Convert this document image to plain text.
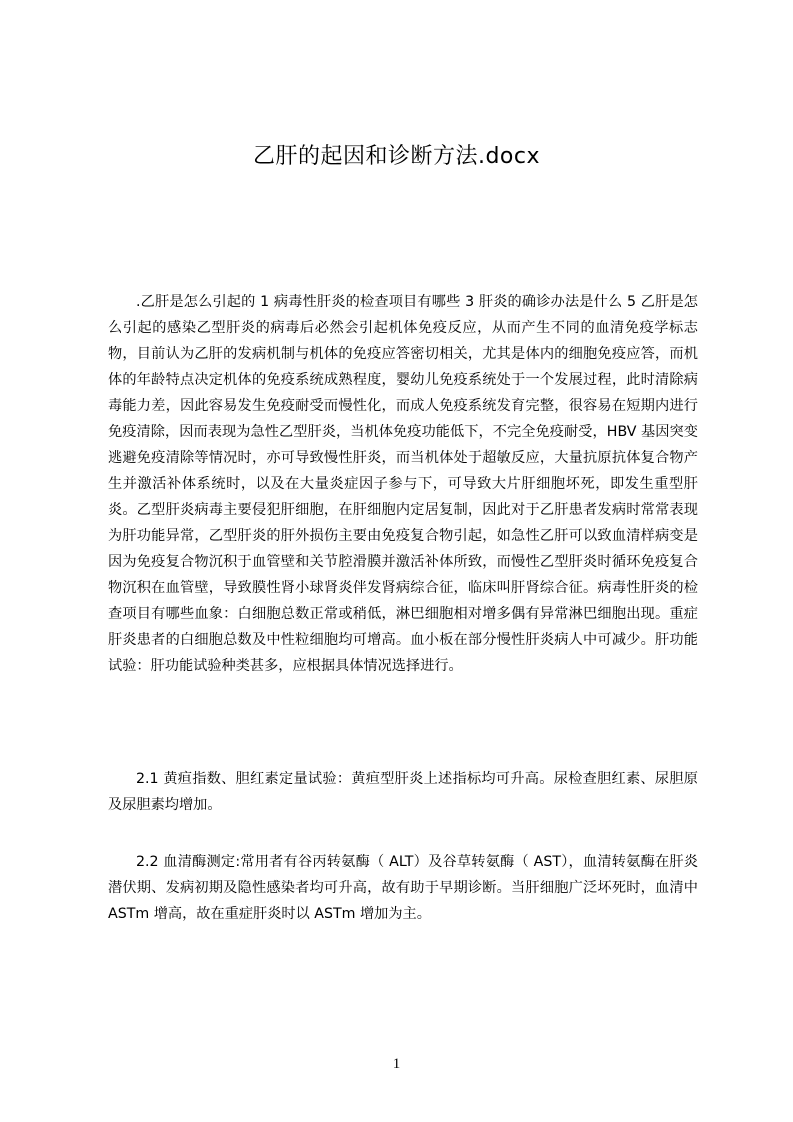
乙肝的起因和诊断方法.docx

.乙肝是怎么引起的 1 病毒性肝炎的检查项目有哪些 3 肝炎的确诊办法是什么 5 乙肝是怎么引起的感染乙型肝炎的病毒后必然会引起机体免疫反应，从而产生不同的血清免疫学标志物，目前认为乙肝的发病机制与机体的免疫应答密切相关，尤其是体内的细胞免疫应答，而机体的年龄特点决定机体的免疫系统成熟程度，婴幼儿免疫系统处于一个发展过程，此时清除病毒能力差，因此容易发生免疫耐受而慢性化，而成人免疫系统发育完整，很容易在短期内进行免疫清除，因而表现为急性乙型肝炎，当机体免疫功能低下，不完全免疫耐受，HBV 基因突变逃避免疫清除等情况时，亦可导致慢性肝炎，而当机体处于超敏反应，大量抗原抗体复合物产生并激活补体系统时，以及在大量炎症因子参与下，可导致大片肝细胞坏死，即发生重型肝炎。乙型肝炎病毒主要侵犯肝细胞，在肝细胞内定居复制，因此对于乙肝患者发病时常常表现为肝功能异常，乙型肝炎的肝外损伤主要由免疫复合物引起，如急性乙肝可以致血清样病变是因为免疫复合物沉积于血管壁和关节腔滑膜并激活补体所致，而慢性乙型肝炎时循环免疫复合物沉积在血管壁，导致膜性肾小球肾炎伴发肾病综合征，临床叫肝肾综合征。病毒性肝炎的检查项目有哪些血象：白细胞总数正常或稍低，淋巴细胞相对增多偶有异常淋巴细胞出现。重症肝炎患者的白细胞总数及中性粒细胞均可增高。血小板在部分慢性肝炎病人中可减少。肝功能试验：肝功能试验种类甚多，应根据具体情况选择进行。

2.1 黄疸指数、胆红素定量试验：黄疸型肝炎上述指标均可升高。尿检查胆红素、尿胆原及尿胆素均增加。

2.2 血清酶测定:常用者有谷丙转氨酶（ ALT）及谷草转氨酶（ AST），血清转氨酶在肝炎潜伏期、发病初期及隐性感染者均可升高，故有助于早期诊断。当肝细胞广泛坏死时，血清中 ASTm 增高，故在重症肝炎时以 ASTm 增加为主。

1
